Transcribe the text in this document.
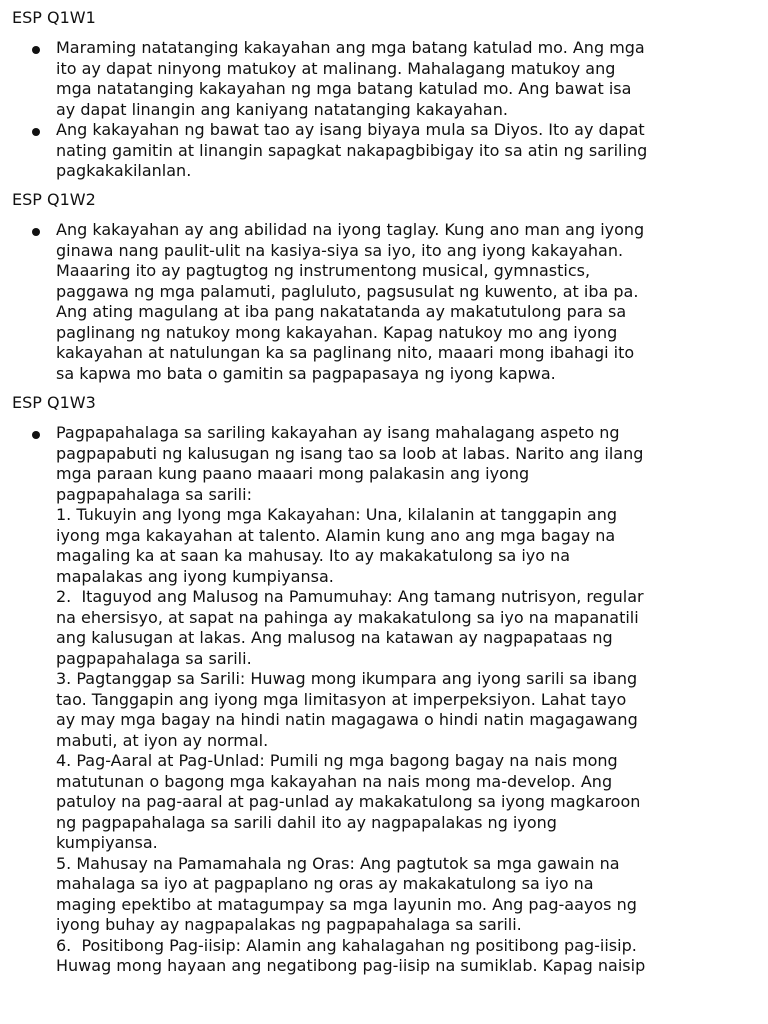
ESP Q1W1
Maraming natatanging kakayahan ang mga batang katulad mo. Ang mga
ito ay dapat ninyong matukoy at malinang. Mahalagang matukoy ang
mga natatanging kakayahan ng mga batang katulad mo. Ang bawat isa
ay dapat linangin ang kaniyang natatanging kakayahan.
Ang kakayahan ng bawat tao ay isang biyaya mula sa Diyos. Ito ay dapat
nating gamitin at linangin sapagkat nakapagbibigay ito sa atin ng sariling
pagkakakilanlan.
ESP Q1W2
Ang kakayahan ay ang abilidad na iyong taglay. Kung ano man ang iyong
ginawa nang paulit-ulit na kasiya-siya sa iyo, ito ang iyong kakayahan.
Maaaring ito ay pagtugtog ng instrumentong musical, gymnastics,
paggawa ng mga palamuti, pagluluto, pagsusulat ng kuwento, at iba pa.
Ang ating magulang at iba pang nakatatanda ay makatutulong para sa
paglinang ng natukoy mong kakayahan. Kapag natukoy mo ang iyong
kakayahan at natulungan ka sa paglinang nito, maaari mong ibahagi ito
sa kapwa mo bata o gamitin sa pagpapasaya ng iyong kapwa.
ESP Q1W3
Pagpapahalaga sa sariling kakayahan ay isang mahalagang aspeto ng
pagpapabuti ng kalusugan ng isang tao sa loob at labas. Narito ang ilang
mga paraan kung paano maaari mong palakasin ang iyong
pagpapahalaga sa sarili:
1. Tukuyin ang Iyong mga Kakayahan: Una, kilalanin at tanggapin ang
iyong mga kakayahan at talento. Alamin kung ano ang mga bagay na
magaling ka at saan ka mahusay. Ito ay makakatulong sa iyo na
mapalakas ang iyong kumpiyansa.
2.  Itaguyod ang Malusog na Pamumuhay: Ang tamang nutrisyon, regular
na ehersisyo, at sapat na pahinga ay makakatulong sa iyo na mapanatili
ang kalusugan at lakas. Ang malusog na katawan ay nagpapataas ng
pagpapahalaga sa sarili.
3. Pagtanggap sa Sarili: Huwag mong ikumpara ang iyong sarili sa ibang
tao. Tanggapin ang iyong mga limitasyon at imperpeksiyon. Lahat tayo
ay may mga bagay na hindi natin magagawa o hindi natin magagawang
mabuti, at iyon ay normal.
4. Pag-Aaral at Pag-Unlad: Pumili ng mga bagong bagay na nais mong
matutunan o bagong mga kakayahan na nais mong ma-develop. Ang
patuloy na pag-aaral at pag-unlad ay makakatulong sa iyong magkaroon
ng pagpapahalaga sa sarili dahil ito ay nagpapalakas ng iyong
kumpiyansa.
5. Mahusay na Pamamahala ng Oras: Ang pagtutok sa mga gawain na
mahalaga sa iyo at pagpaplano ng oras ay makakatulong sa iyo na
maging epektibo at matagumpay sa mga layunin mo. Ang pag-aayos ng
iyong buhay ay nagpapalakas ng pagpapahalaga sa sarili.
6.  Positibong Pag-iisip: Alamin ang kahalagahan ng positibong pag-iisip.
Huwag mong hayaan ang negatibong pag-iisip na sumiklab. Kapag naisip
